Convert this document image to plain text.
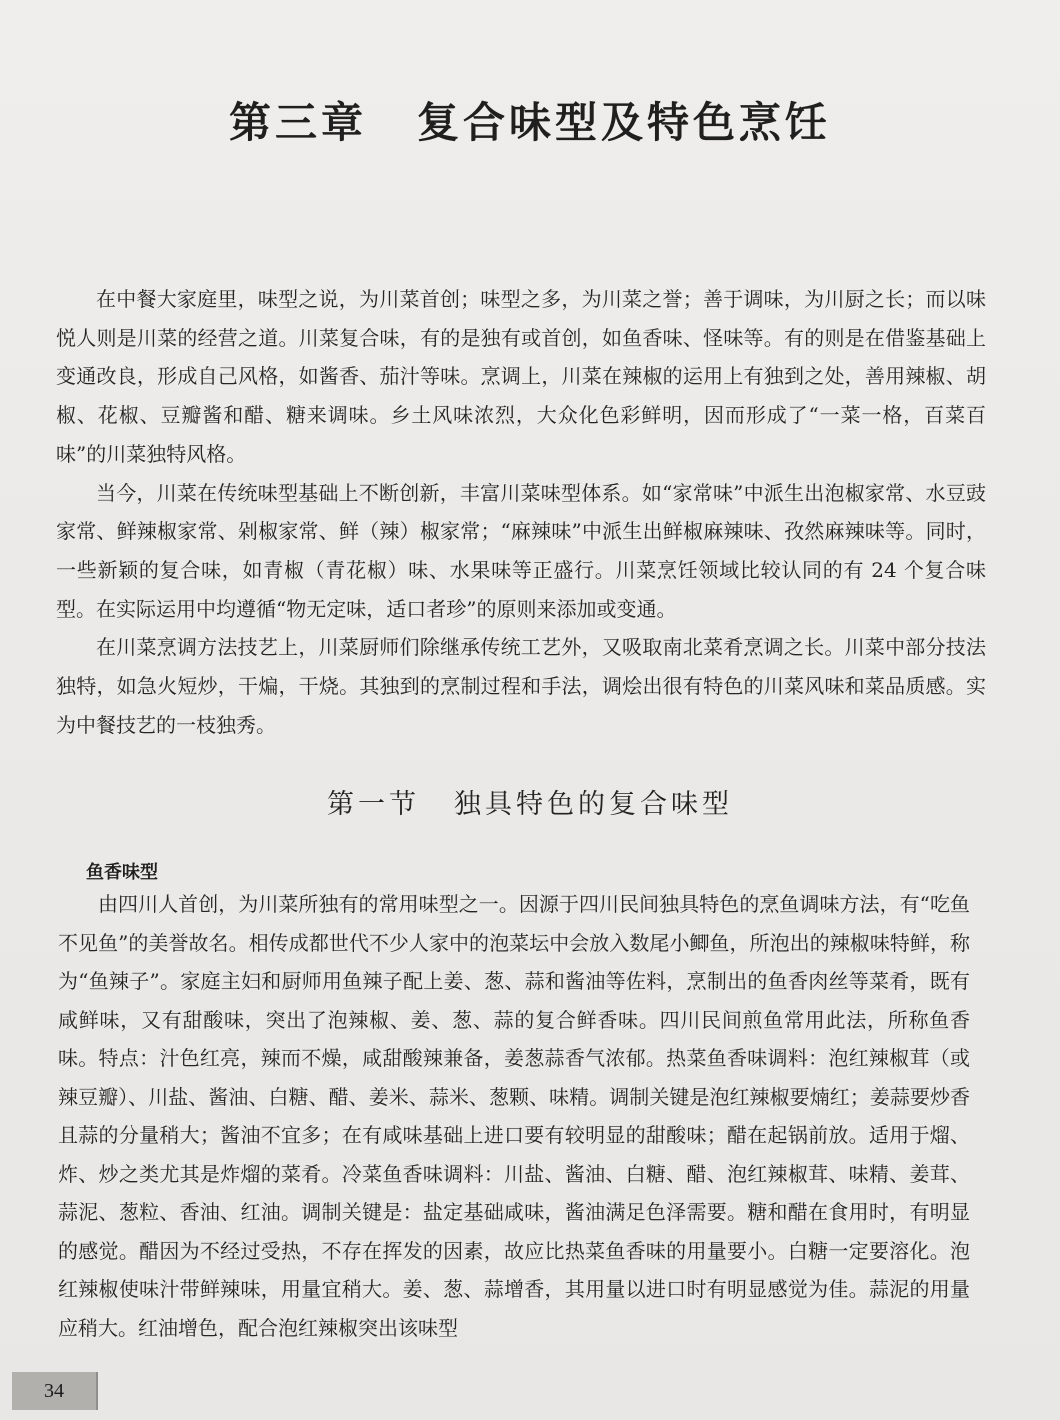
第三章 复合味型及特色烹饪

在中餐大家庭里，味型之说，为川菜首创；味型之多，为川菜之誉；善于调味，为川厨之长；而以味悦人则是川菜的经营之道。川菜复合味，有的是独有或首创，如鱼香味、怪味等。有的则是在借鉴基础上变通改良，形成自己风格，如酱香、茄汁等味。烹调上，川菜在辣椒的运用上有独到之处，善用辣椒、胡椒、花椒、豆瓣酱和醋、糖来调味。乡土风味浓烈，大众化色彩鲜明，因而形成了“一菜一格，百菜百味”的川菜独特风格。

当今，川菜在传统味型基础上不断创新，丰富川菜味型体系。如“家常味”中派生出泡椒家常、水豆豉家常、鲜辣椒家常、剁椒家常、鲜（辣）椒家常；“麻辣味”中派生出鲜椒麻辣味、孜然麻辣味等。同时，一些新颖的复合味，如青椒（青花椒）味、水果味等正盛行。川菜烹饪领域比较认同的有 24 个复合味型。在实际运用中均遵循“物无定味，适口者珍”的原则来添加或变通。

在川菜烹调方法技艺上，川菜厨师们除继承传统工艺外，又吸取南北菜肴烹调之长。川菜中部分技法独特，如急火短炒，干煸，干烧。其独到的烹制过程和手法，调烩出很有特色的川菜风味和菜品质感。实为中餐技艺的一枝独秀。

第一节 独具特色的复合味型
鱼香味型

由四川人首创，为川菜所独有的常用味型之一。因源于四川民间独具特色的烹鱼调味方法，有“吃鱼不见鱼”的美誉故名。相传成都世代不少人家中的泡菜坛中会放入数尾小鲫鱼，所泡出的辣椒味特鲜，称为“鱼辣子”。家庭主妇和厨师用鱼辣子配上姜、葱、蒜和酱油等佐料，烹制出的鱼香肉丝等菜肴，既有咸鲜味，又有甜酸味，突出了泡辣椒、姜、葱、蒜的复合鲜香味。四川民间煎鱼常用此法，所称鱼香味。特点：汁色红亮，辣而不燥，咸甜酸辣兼备，姜葱蒜香气浓郁。热菜鱼香味调料：泡红辣椒茸（或辣豆瓣）、川盐、酱油、白糖、醋、姜米、蒜米、葱颗、味精。调制关键是泡红辣椒要煵红；姜蒜要炒香且蒜的分量稍大；酱油不宜多；在有咸味基础上进口要有较明显的甜酸味；醋在起锅前放。适用于熘、炸、炒之类尤其是炸熘的菜肴。冷菜鱼香味调料：川盐、酱油、白糖、醋、泡红辣椒茸、味精、姜茸、蒜泥、葱粒、香油、红油。调制关键是：盐定基础咸味，酱油满足色泽需要。糖和醋在食用时，有明显的感觉。醋因为不经过受热，不存在挥发的因素，故应比热菜鱼香味的用量要小。白糖一定要溶化。泡红辣椒使味汁带鲜辣味，用量宜稍大。姜、葱、蒜增香，其用量以进口时有明显感觉为佳。蒜泥的用量应稍大。红油增色，配合泡红辣椒突出该味型

34
